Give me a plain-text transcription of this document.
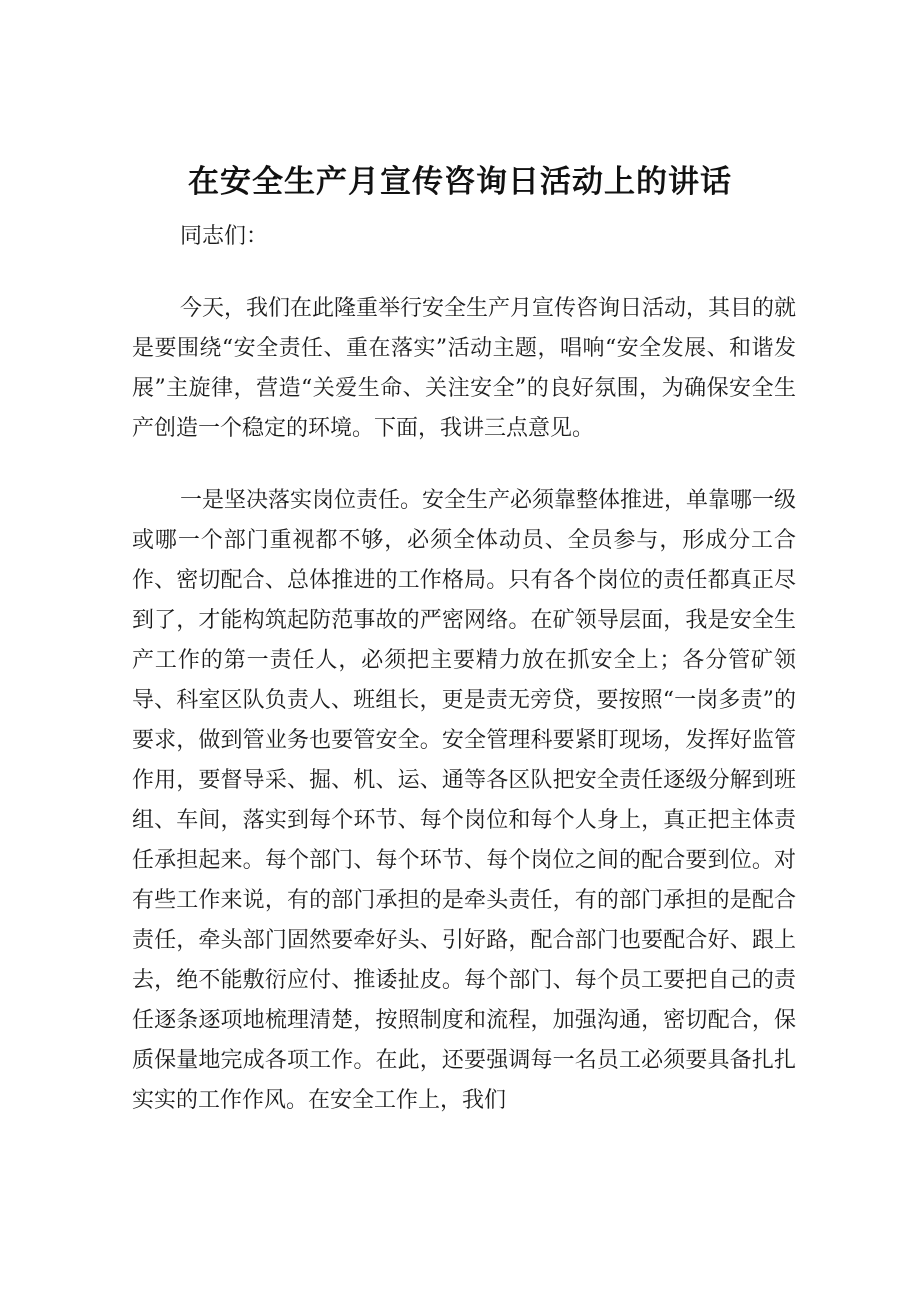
在安全生产月宣传咨询日活动上的讲话

同志们：

今天，我们在此隆重举行安全生产月宣传咨询日活动，其目的就是要围绕“安全责任、重在落实”活动主题，唱响“安全发展、和谐发展”主旋律，营造“关爱生命、关注安全”的良好氛围，为确保安全生产创造一个稳定的环境。下面，我讲三点意见。

一是坚决落实岗位责任。安全生产必须靠整体推进，单靠哪一级或哪一个部门重视都不够，必须全体动员、全员参与，形成分工合作、密切配合、总体推进的工作格局。只有各个岗位的责任都真正尽到了，才能构筑起防范事故的严密网络。在矿领导层面，我是安全生产工作的第一责任人，必须把主要精力放在抓安全上；各分管矿领导、科室区队负责人、班组长，更是责无旁贷，要按照“一岗多责”的要求，做到管业务也要管安全。安全管理科要紧盯现场，发挥好监管作用，要督导采、掘、机、运、通等各区队把安全责任逐级分解到班组、车间，落实到每个环节、每个岗位和每个人身上，真正把主体责任承担起来。每个部门、每个环节、每个岗位之间的配合要到位。对有些工作来说，有的部门承担的是牵头责任，有的部门承担的是配合责任，牵头部门固然要牵好头、引好路，配合部门也要配合好、跟上去，绝不能敷衍应付、推诿扯皮。每个部门、每个员工要把自己的责任逐条逐项地梳理清楚，按照制度和流程，加强沟通，密切配合，保质保量地完成各项工作。在此，还要强调每一名员工必须要具备扎扎实实的工作作风。在安全工作上，我们
